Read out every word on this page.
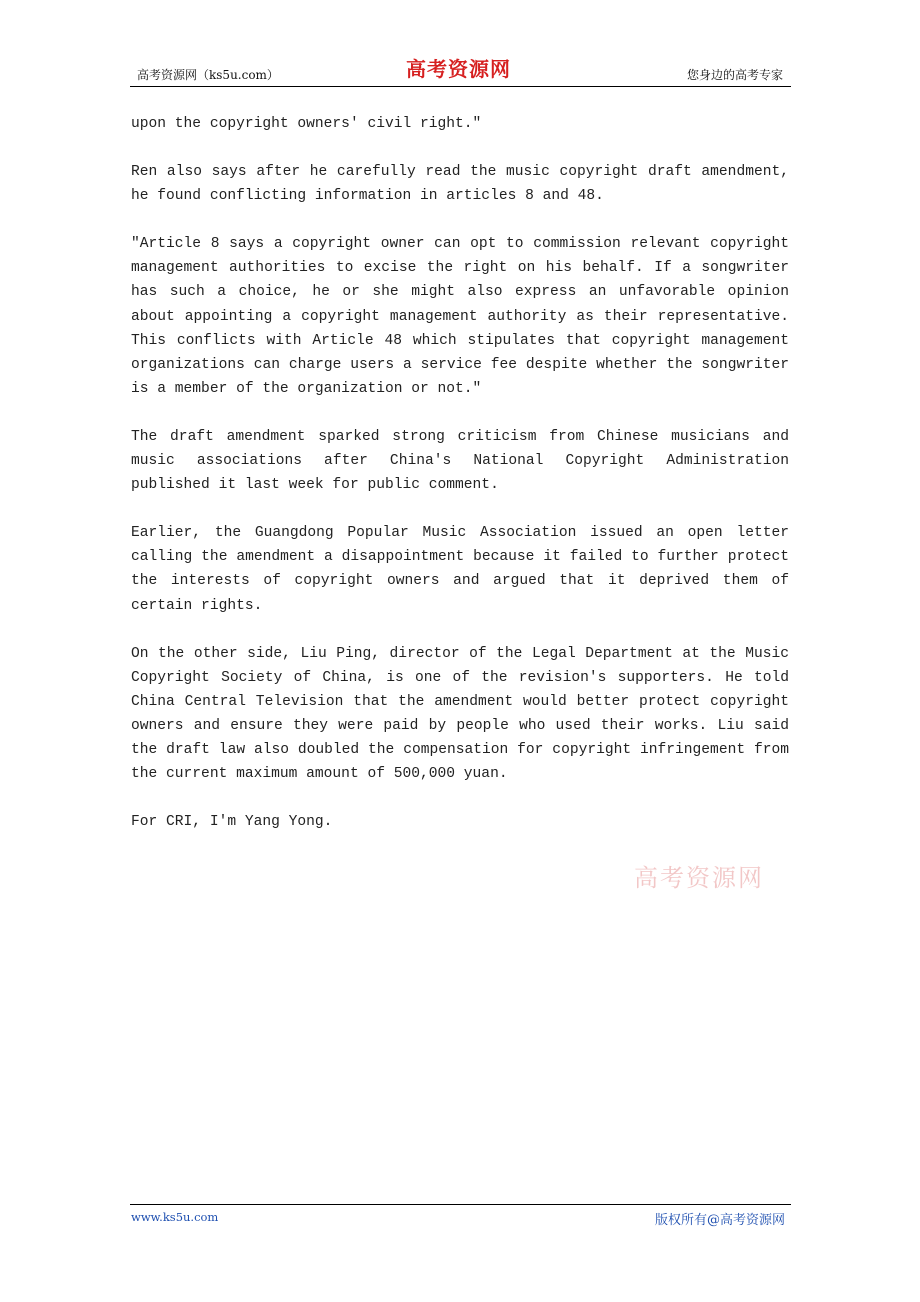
高考资源网（ks5u.com）	高考资源网	您身边的高考专家

upon the copyright owners' civil right."

Ren also says after he carefully read the music copyright draft amendment, he found conflicting information in articles 8 and 48.

"Article 8 says a copyright owner can opt to commission relevant copyright management authorities to excise the right on his behalf. If a songwriter has such a choice, he or she might also express an unfavorable opinion about appointing a copyright management authority as their representative. This conflicts with Article 48 which stipulates that copyright management organizations can charge users a service fee despite whether the songwriter is a member of the organization or not."

The draft amendment sparked strong criticism from Chinese musicians and music associations after China's National Copyright Administration published it last week for public comment.

Earlier, the Guangdong Popular Music Association issued an open letter calling the amendment a disappointment because it failed to further protect the interests of copyright owners and argued that it deprived them of certain rights.

On the other side, Liu Ping, director of the Legal Department at the Music Copyright Society of China, is one of the revision's supporters. He told China Central Television that the amendment would better protect copyright owners and ensure they were paid by people who used their works. Liu said the draft law also doubled the compensation for copyright infringement from the current maximum amount of 500,000 yuan.

For CRI, I'm Yang Yong.

高考资源网
www.ks5u.com	版权所有@高考资源网
